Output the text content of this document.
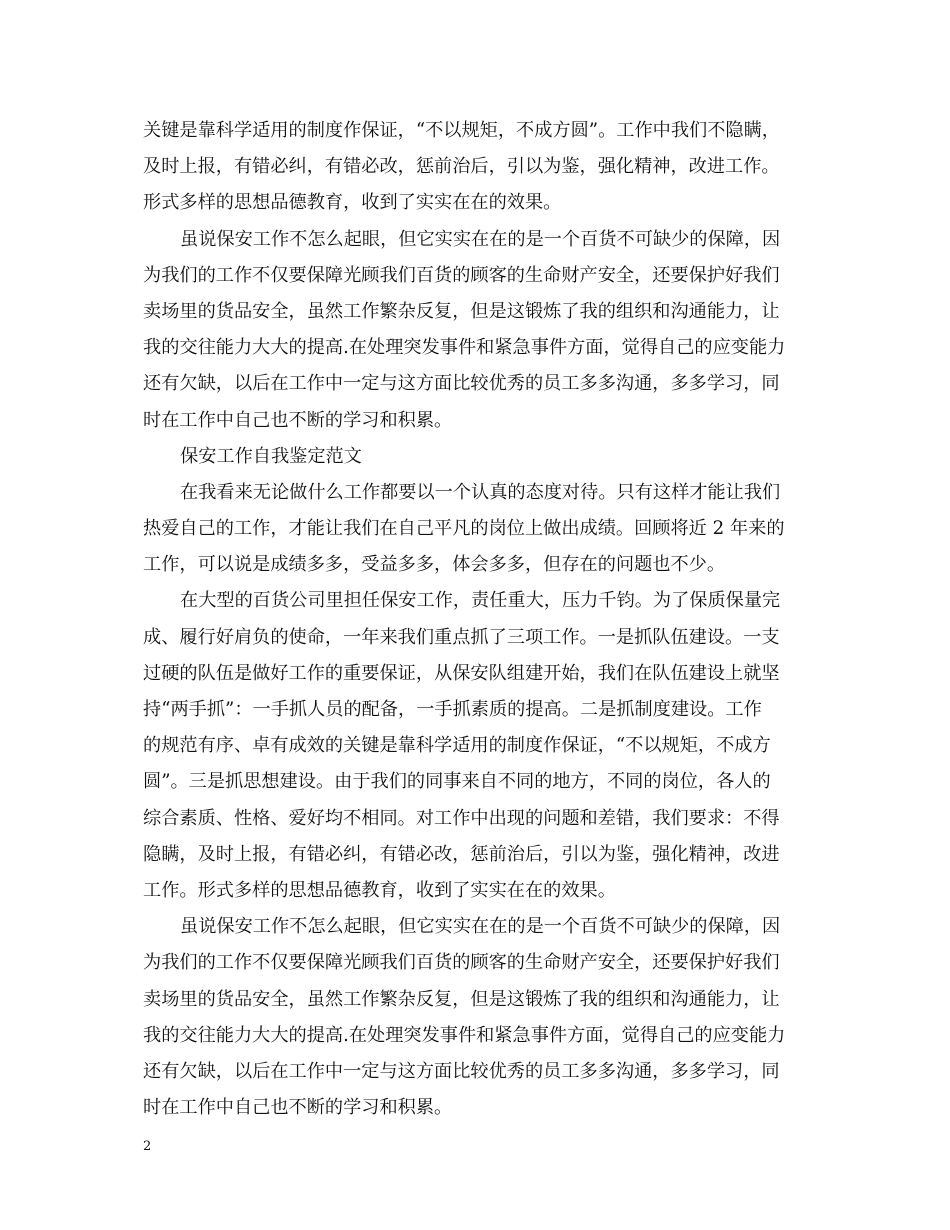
关键是靠科学适用的制度作保证，“不以规矩，不成方圆”。工作中我们不隐瞒，
及时上报，有错必纠，有错必改，惩前治后，引以为鉴，强化精神，改进工作。
形式多样的思想品德教育，收到了实实在在的效果。
虽说保安工作不怎么起眼，但它实实在在的是一个百货不可缺少的保障，因
为我们的工作不仅要保障光顾我们百货的顾客的生命财产安全，还要保护好我们
卖场里的货品安全，虽然工作繁杂反复，但是这锻炼了我的组织和沟通能力，让
我的交往能力大大的提高.在处理突发事件和紧急事件方面，觉得自己的应变能力
还有欠缺，以后在工作中一定与这方面比较优秀的员工多多沟通，多多学习，同
时在工作中自己也不断的学习和积累。
保安工作自我鉴定范文
在我看来无论做什么工作都要以一个认真的态度对待。只有这样才能让我们
热爱自己的工作，才能让我们在自己平凡的岗位上做出成绩。回顾将近 2 年来的
工作，可以说是成绩多多，受益多多，体会多多，但存在的问题也不少。
在大型的百货公司里担任保安工作，责任重大，压力千钧。为了保质保量完
成、履行好肩负的使命，一年来我们重点抓了三项工作。一是抓队伍建设。一支
过硬的队伍是做好工作的重要保证，从保安队组建开始，我们在队伍建设上就坚
持“两手抓”：一手抓人员的配备，一手抓素质的提高。二是抓制度建设。工作
的规范有序、卓有成效的关键是靠科学适用的制度作保证，“不以规矩，不成方
圆”。三是抓思想建设。由于我们的同事来自不同的地方，不同的岗位，各人的
综合素质、性格、爱好均不相同。对工作中出现的问题和差错，我们要求：不得
隐瞒，及时上报，有错必纠，有错必改，惩前治后，引以为鉴，强化精神，改进
工作。形式多样的思想品德教育，收到了实实在在的效果。
虽说保安工作不怎么起眼，但它实实在在的是一个百货不可缺少的保障，因
为我们的工作不仅要保障光顾我们百货的顾客的生命财产安全，还要保护好我们
卖场里的货品安全，虽然工作繁杂反复，但是这锻炼了我的组织和沟通能力，让
我的交往能力大大的提高.在处理突发事件和紧急事件方面，觉得自己的应变能力
还有欠缺，以后在工作中一定与这方面比较优秀的员工多多沟通，多多学习，同
时在工作中自己也不断的学习和积累。
2
